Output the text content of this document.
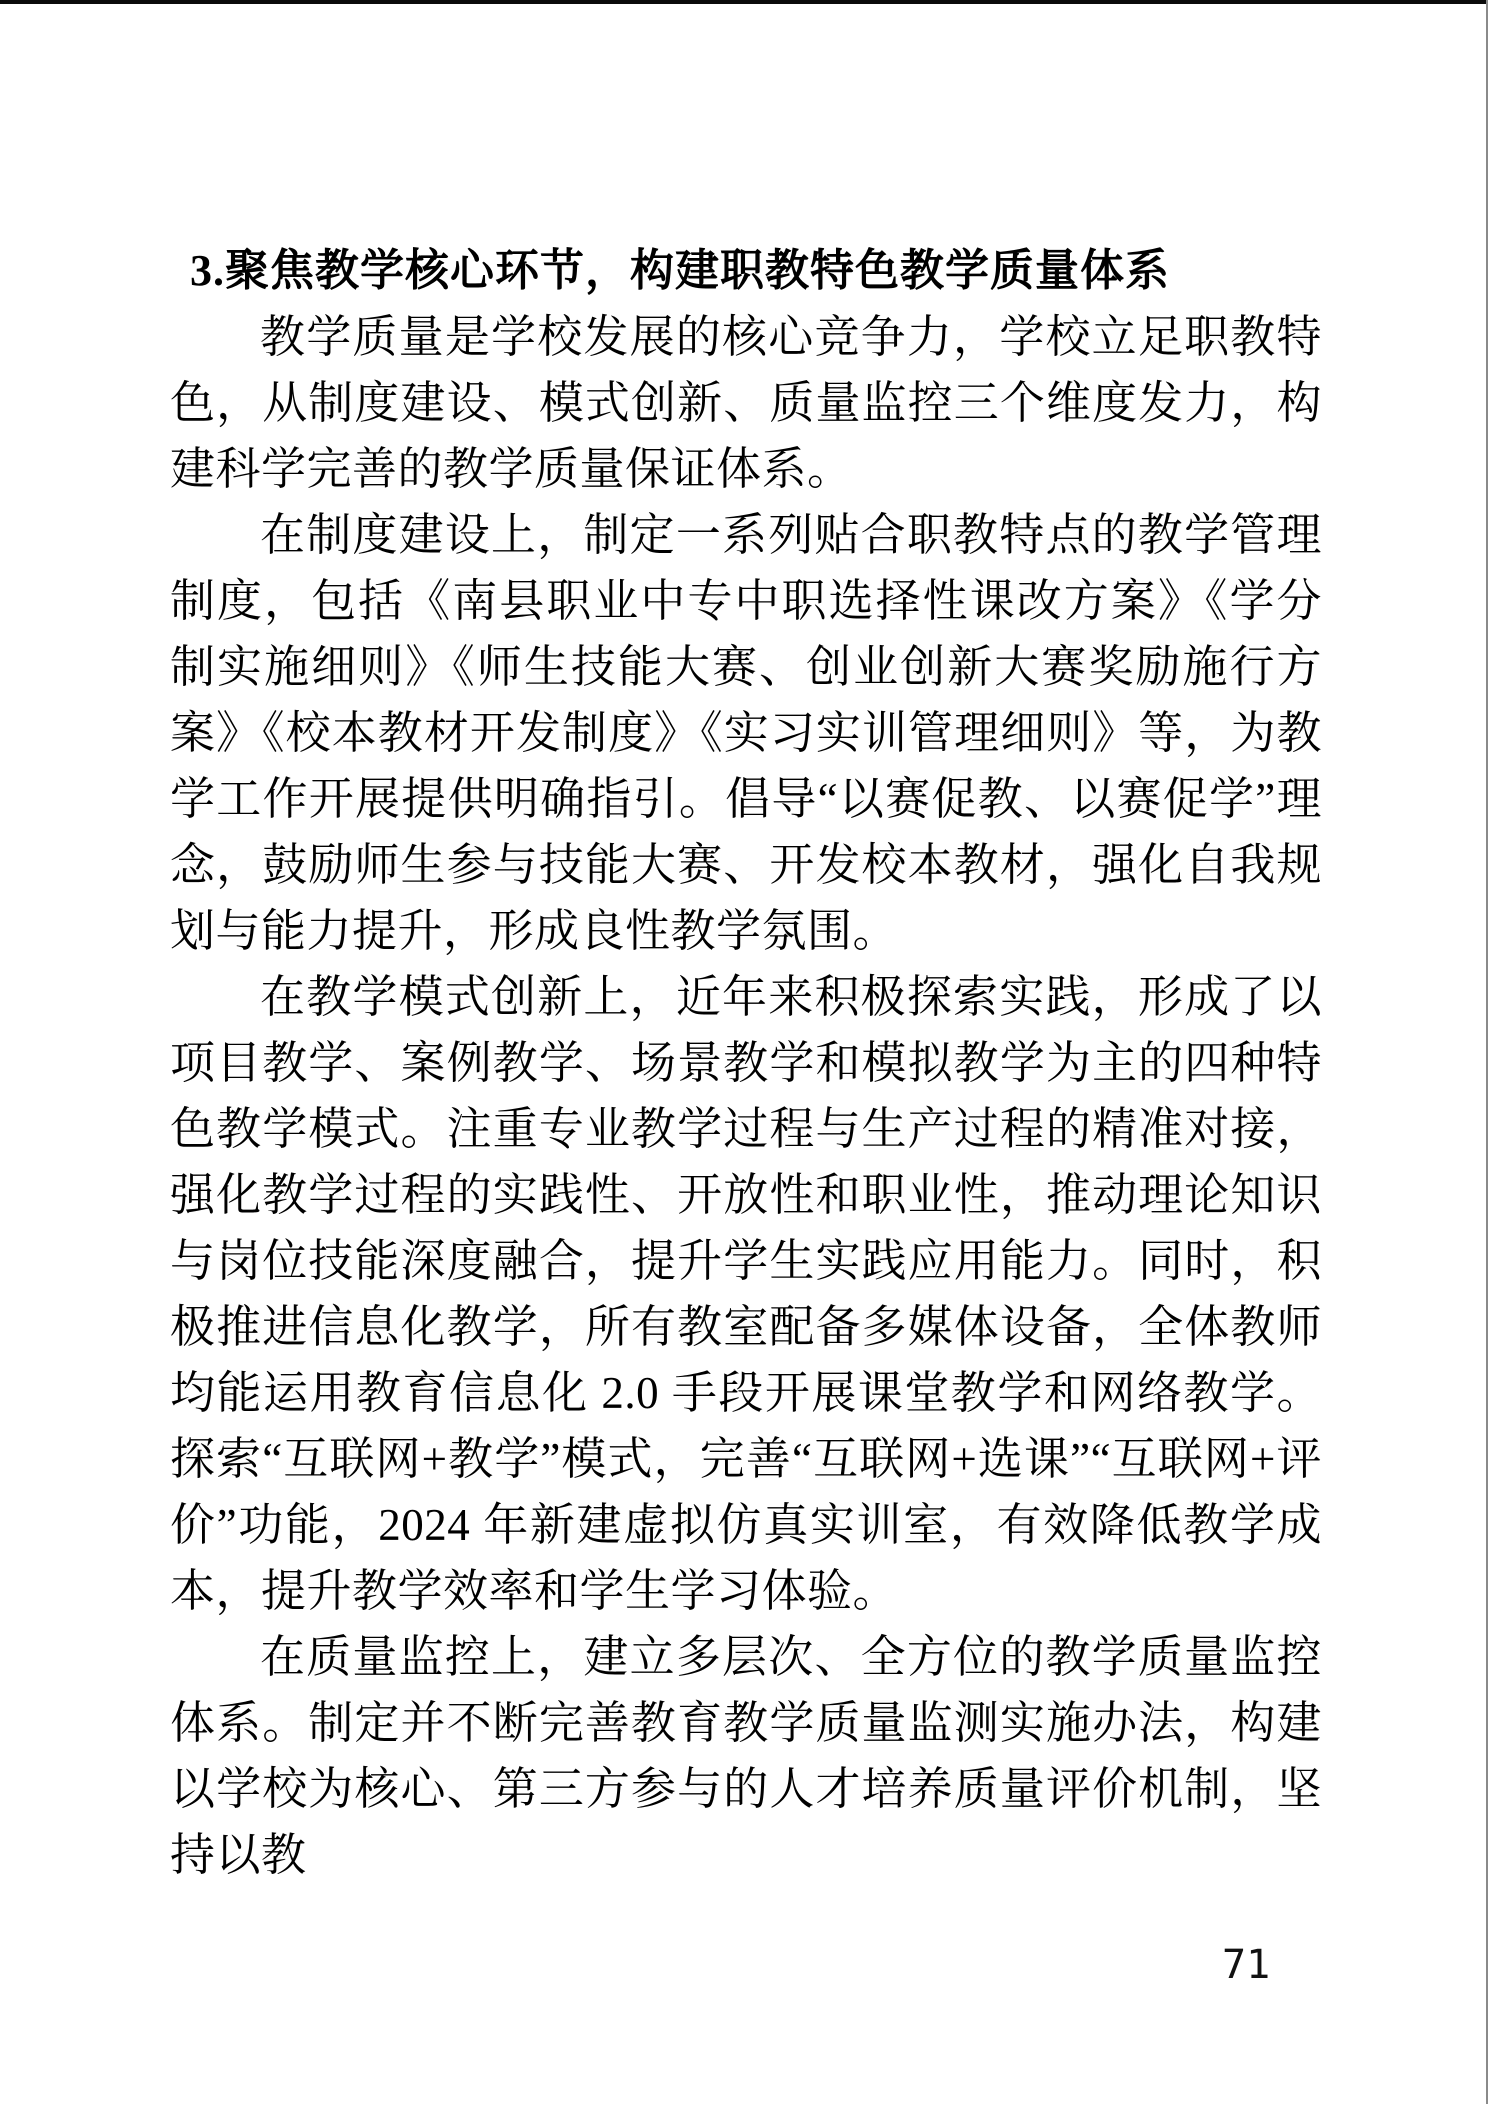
3.聚焦教学核心环节，构建职教特色教学质量体系

教学质量是学校发展的核心竞争力，学校立足职教特色，从制度建设、模式创新、质量监控三个维度发力，构建科学完善的教学质量保证体系。

在制度建设上，制定一系列贴合职教特点的教学管理制度，包括《南县职业中专中职选择性课改方案》《学分制实施细则》《师生技能大赛、创业创新大赛奖励施行方案》《校本教材开发制度》《实习实训管理细则》等，为教学工作开展提供明确指引。倡导“以赛促教、以赛促学”理念，鼓励师生参与技能大赛、开发校本教材，强化自我规划与能力提升，形成良性教学氛围。

在教学模式创新上，近年来积极探索实践，形成了以项目教学、案例教学、场景教学和模拟教学为主的四种特色教学模式。注重专业教学过程与生产过程的精准对接，强化教学过程的实践性、开放性和职业性，推动理论知识与岗位技能深度融合，提升学生实践应用能力。同时，积极推进信息化教学，所有教室配备多媒体设备，全体教师均能运用教育信息化 2.0 手段开展课堂教学和网络教学。探索“互联网+教学”模式，完善“互联网+选课”“互联网+评价”功能，2024 年新建虚拟仿真实训室，有效降低教学成本，提升教学效率和学生学习体验。

在质量监控上，建立多层次、全方位的教学质量监控体系。制定并不断完善教育教学质量监测实施办法，构建以学校为核心、第三方参与的人才培养质量评价机制，坚持以教

71
